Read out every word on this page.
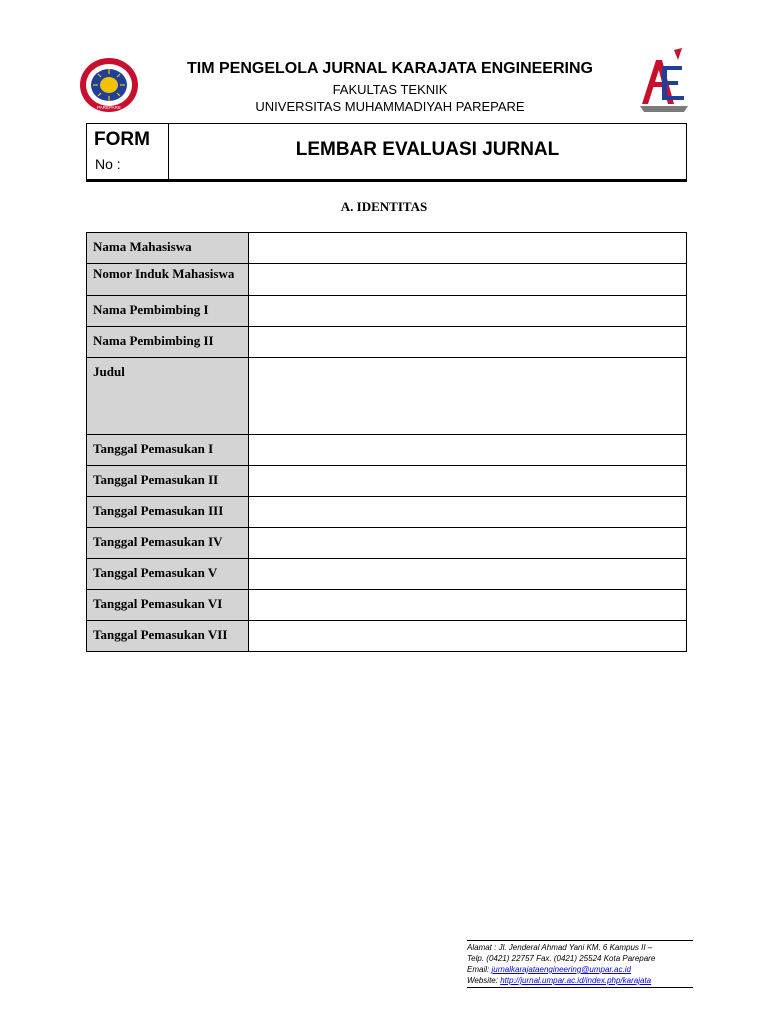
PAREPARE
TIM PENGELOLA JURNAL KARAJATA ENGINEERING
FAKULTAS TEKNIK
UNIVERSITAS MUHAMMADIYAH PAREPARE
FORM
No :
LEMBAR EVALUASI JURNAL
A. IDENTITAS
Nama Mahasiswa	
Nomor Induk Mahasiswa	
Nama Pembimbing I	
Nama Pembimbing II	
Judul	
Tanggal Pemasukan I	
Tanggal Pemasukan II	
Tanggal Pemasukan III	
Tanggal Pemasukan IV	
Tanggal Pemasukan V	
Tanggal Pemasukan VI	
Tanggal Pemasukan VII	
Alamat : Jl. Jenderal Ahmad Yani KM. 6 Kampus II –
Telp. (0421) 22757 Fax. (0421) 25524 Kota Parepare
Email: jurnalkarajataengineering@umpar.ac.id
Website: http://jurnal.umpar.ac.id/index.php/karajata
